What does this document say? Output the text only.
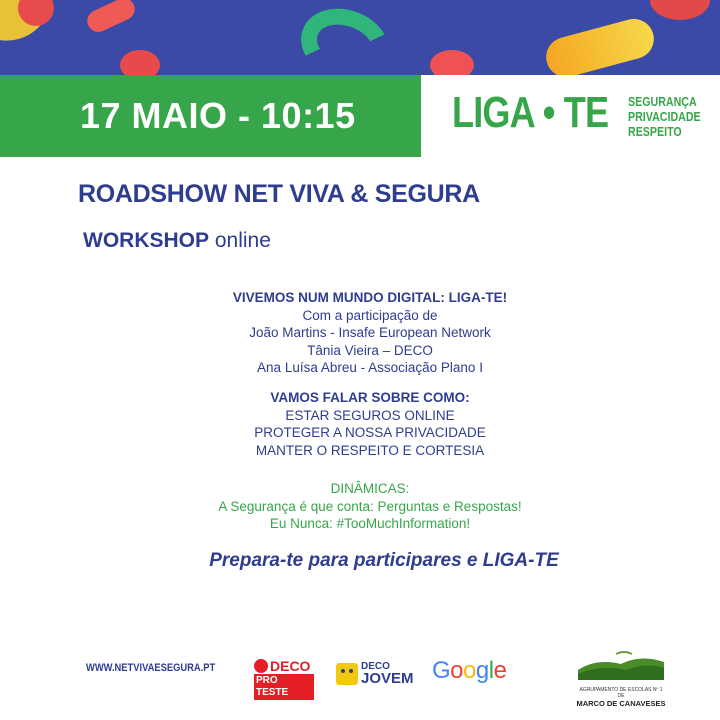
17 MAIO - 10:15 LIGA • TE SEGURANÇA
PRIVACIDADE
RESPEITO
ROADSHOW NET VIVA & SEGURA
WORKSHOP online
VIVEMOS NUM MUNDO DIGITAL: LIGA-TE!
Com a participação de
João Martins - Insafe European Network
Tânia Vieira – DECO
Ana Luísa Abreu - Associação Plano I
VAMOS FALAR SOBRE COMO:
ESTAR SEGUROS ONLINE
PROTEGER A NOSSA PRIVACIDADE
MANTER O RESPEITO E CORTESIA
DINÂMICAS:
A Segurança é que conta: Perguntas e Respostas!
Eu Nunca: #TooMuchInformation!
Prepara-te para participares e LIGA-TE
WWW.NETVIVAESEGURA.PT	DECO
PRO TESTE
DECO
JOVEM Google
AGRUPAMENTO DE ESCOLAS Nº 1 DE
MARCO DE CANAVESES
